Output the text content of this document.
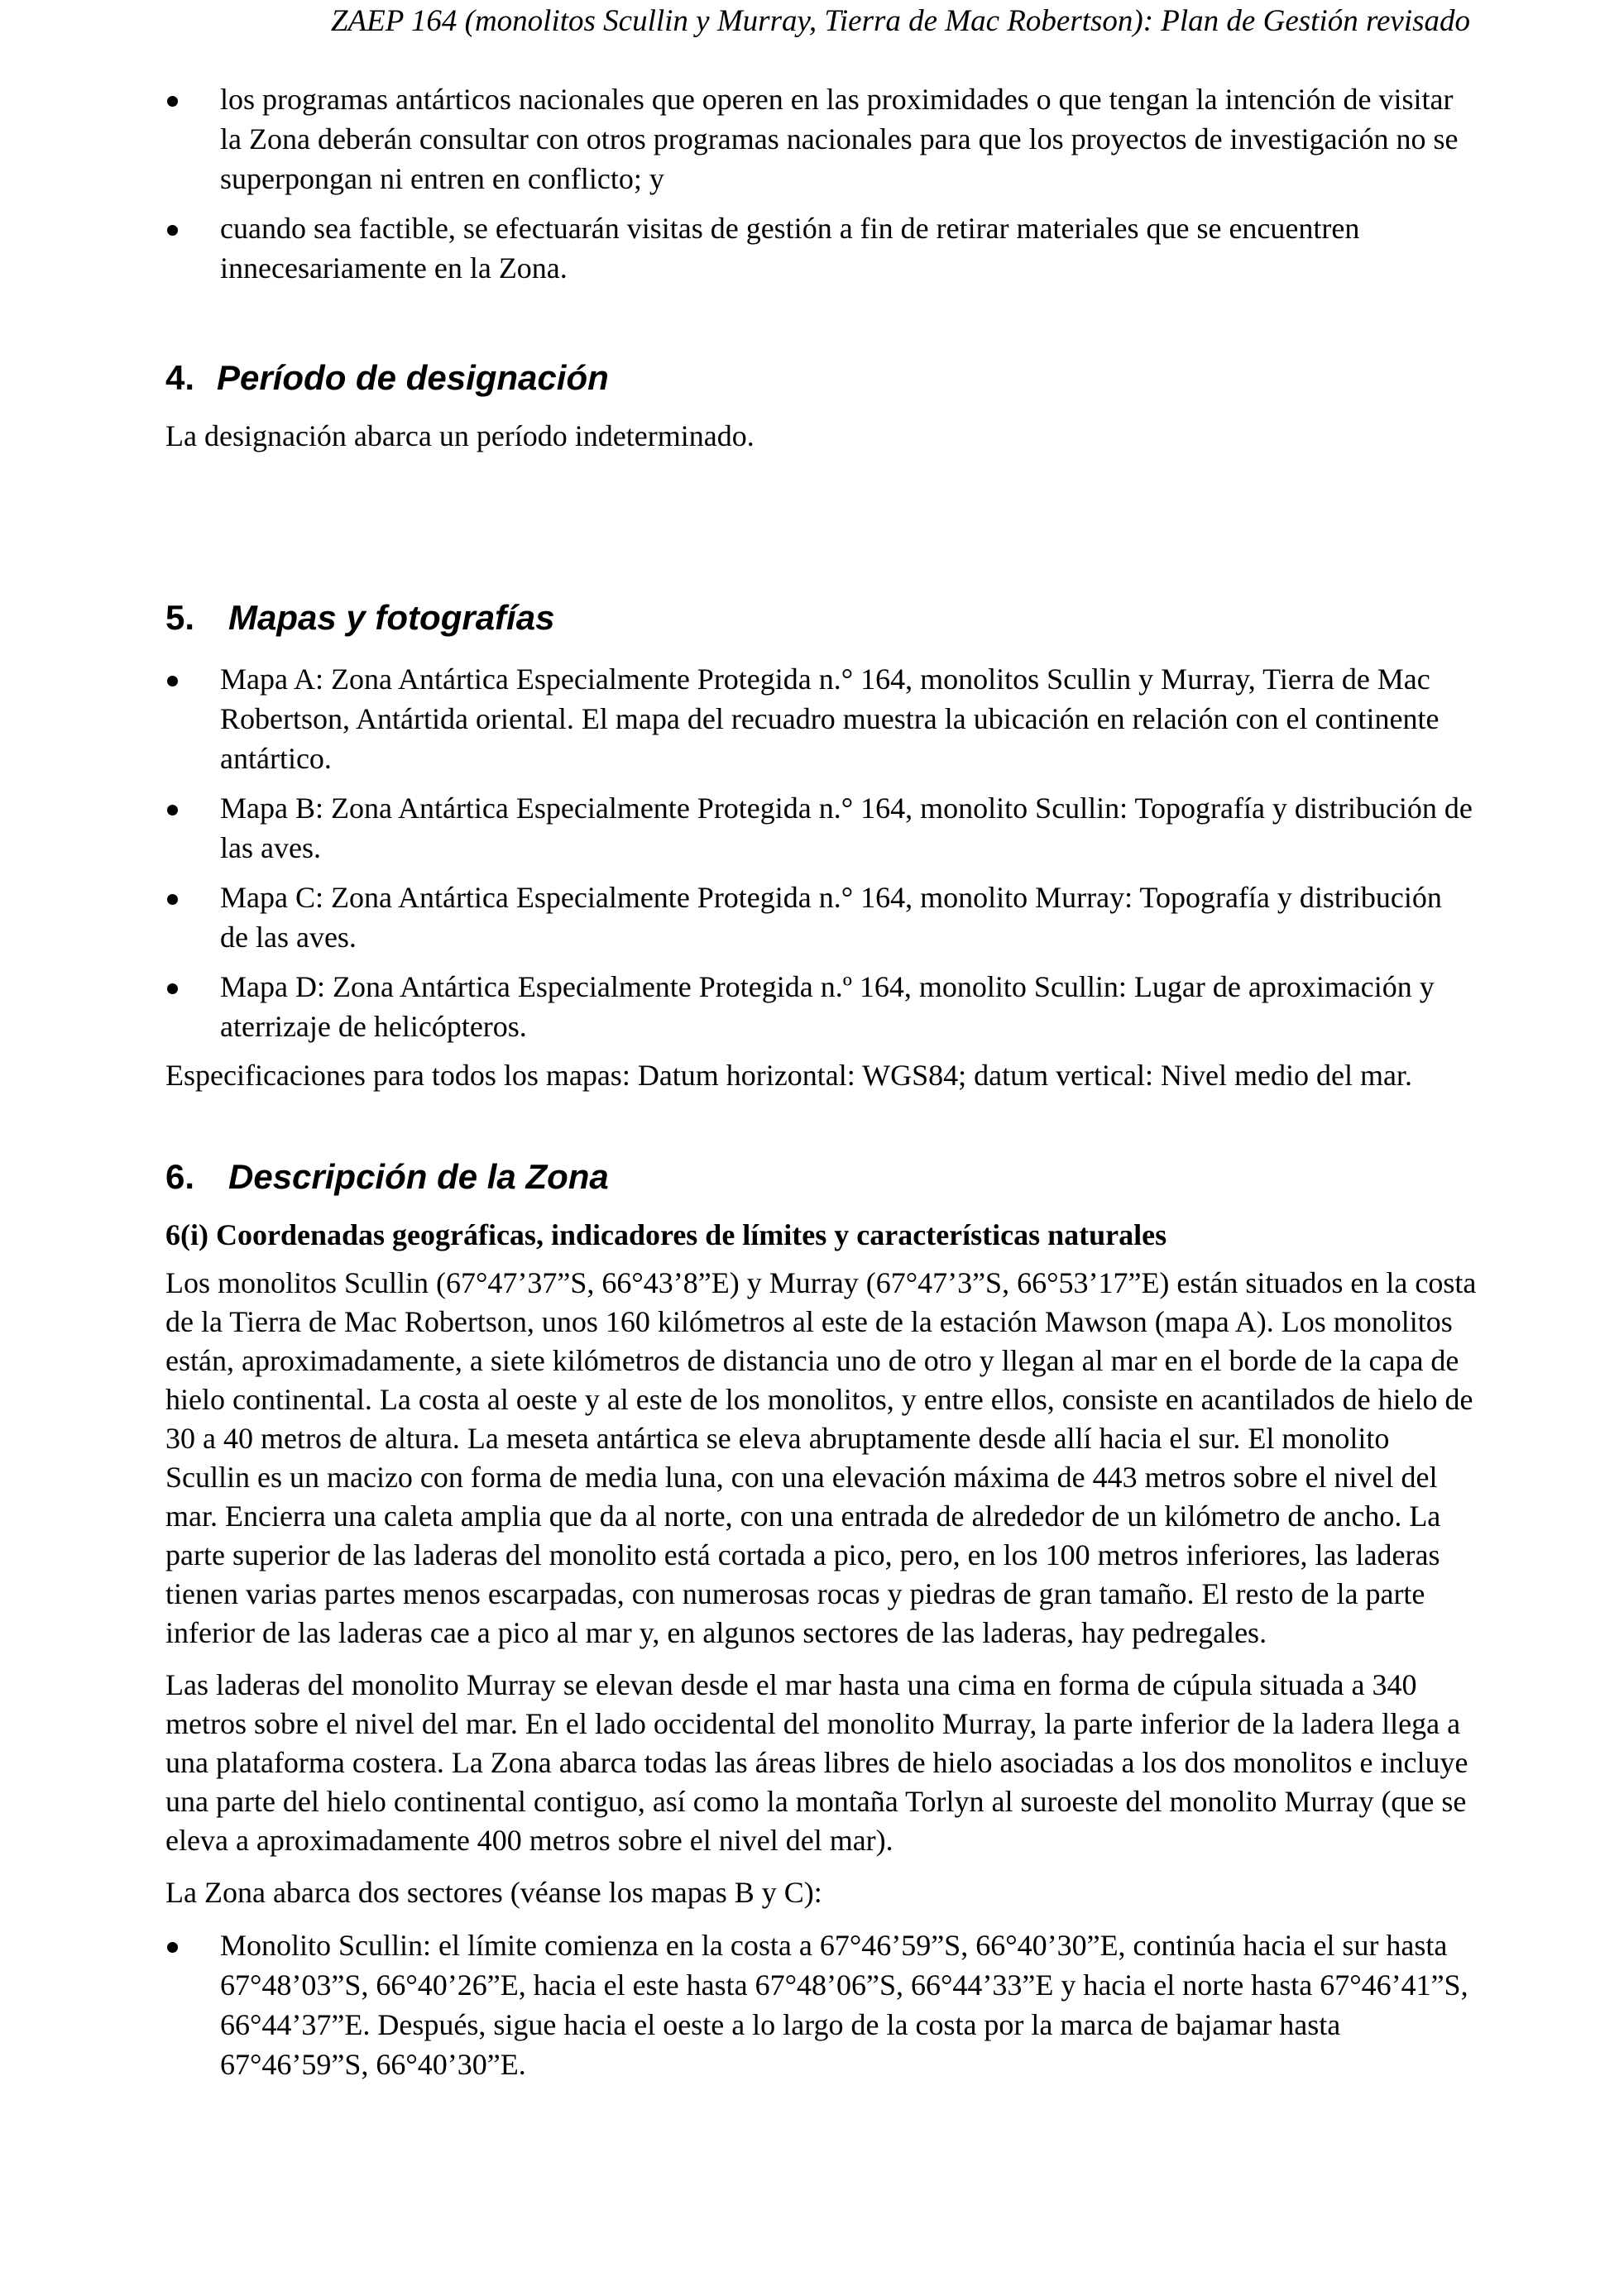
ZAEP 164 (monolitos Scullin y Murray, Tierra de Mac Robertson): Plan de Gestión revisado
los programas antárticos nacionales que operen en las proximidades o que tengan la intención de visitar la Zona deberán consultar con otros programas nacionales para que los proyectos de investigación no se superpongan ni entren en conflicto; y
cuando sea factible, se efectuarán visitas de gestión a fin de retirar materiales que se encuentren innecesariamente en la Zona.
4. Período de designación

La designación abarca un período indeterminado.

5. Mapas y fotografías
Mapa A: Zona Antártica Especialmente Protegida n.° 164, monolitos Scullin y Murray, Tierra de Mac Robertson, Antártida oriental. El mapa del recuadro muestra la ubicación en relación con el continente antártico.
Mapa B: Zona Antártica Especialmente Protegida n.° 164, monolito Scullin: Topografía y distribución de las aves.
Mapa C: Zona Antártica Especialmente Protegida n.° 164, monolito Murray: Topografía y distribución de las aves.
Mapa D: Zona Antártica Especialmente Protegida n.º 164, monolito Scullin: Lugar de aproximación y aterrizaje de helicópteros.

Especificaciones para todos los mapas: Datum horizontal: WGS84; datum vertical: Nivel medio del mar.

6. Descripción de la Zona

6(i) Coordenadas geográficas, indicadores de límites y características naturales

Los monolitos Scullin (67°47’37”S, 66°43’8”E) y Murray (67°47’3”S, 66°53’17”E) están situados en la costa de la Tierra de Mac Robertson, unos 160 kilómetros al este de la estación Mawson (mapa A). Los monolitos están, aproximadamente, a siete kilómetros de distancia uno de otro y llegan al mar en el borde de la capa de hielo continental. La costa al oeste y al este de los monolitos, y entre ellos, consiste en acantilados de hielo de 30 a 40 metros de altura. La meseta antártica se eleva abruptamente desde allí hacia el sur. El monolito Scullin es un macizo con forma de media luna, con una elevación máxima de 443 metros sobre el nivel del mar. Encierra una caleta amplia que da al norte, con una entrada de alrededor de un kilómetro de ancho. La parte superior de las laderas del monolito está cortada a pico, pero, en los 100 metros inferiores, las laderas tienen varias partes menos escarpadas, con numerosas rocas y piedras de gran tamaño. El resto de la parte inferior de las laderas cae a pico al mar y, en algunos sectores de las laderas, hay pedregales.

Las laderas del monolito Murray se elevan desde el mar hasta una cima en forma de cúpula situada a 340 metros sobre el nivel del mar. En el lado occidental del monolito Murray, la parte inferior de la ladera llega a una plataforma costera. La Zona abarca todas las áreas libres de hielo asociadas a los dos monolitos e incluye una parte del hielo continental contiguo, así como la montaña Torlyn al suroeste del monolito Murray (que se eleva a aproximadamente 400 metros sobre el nivel del mar).

La Zona abarca dos sectores (véanse los mapas B y C):

Monolito Scullin: el límite comienza en la costa a 67°46’59”S, 66°40’30”E, continúa hacia el sur hasta 67°48’03”S, 66°40’26”E, hacia el este hasta 67°48’06”S, 66°44’33”E y hacia el norte hasta 67°46’41”S, 66°44’37”E. Después, sigue hacia el oeste a lo largo de la costa por la marca de bajamar hasta 67°46’59”S, 66°40’30”E.
